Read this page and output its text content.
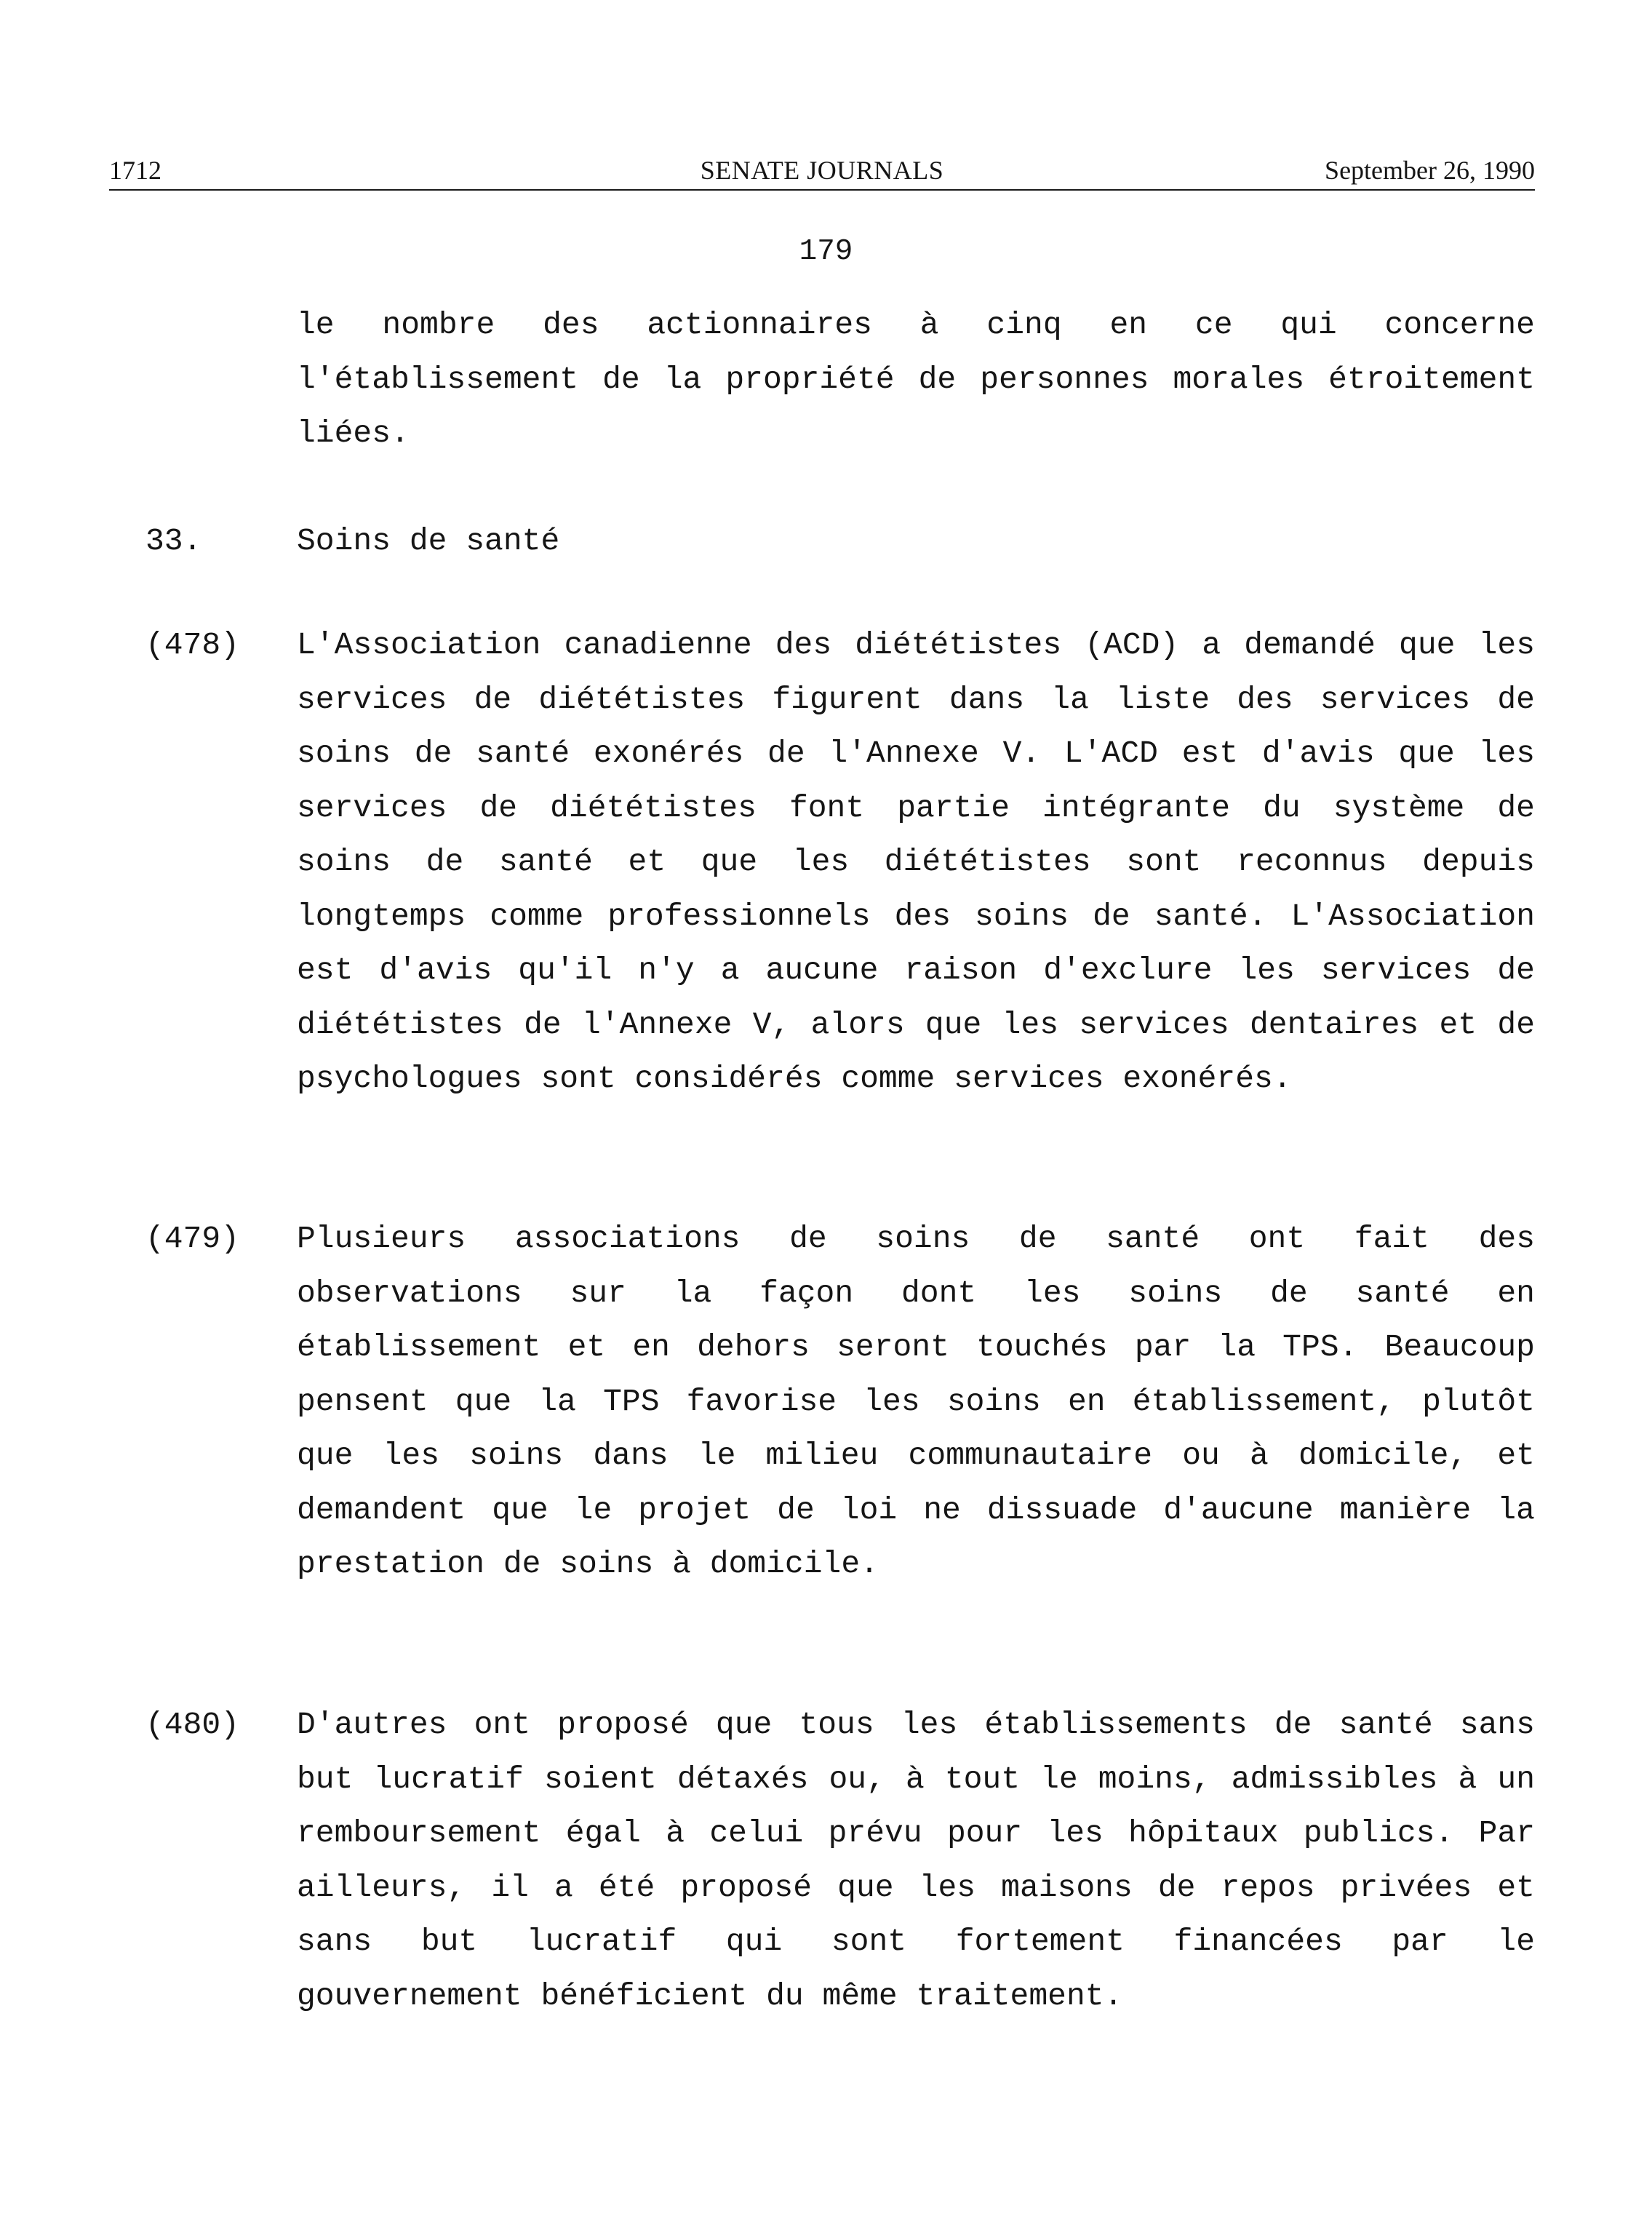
1712	SENATE JOURNALS	September 26, 1990
179
le nombre des actionnaires à cinq en ce qui concerne l'établissement de la propriété de personnes morales étroitement liées.
33.	Soins de santé
(478) L'Association canadienne des diététistes (ACD) a demandé que les services de diététistes figurent dans la liste des services de soins de santé exonérés de l'Annexe V. L'ACD est d'avis que les services de diététistes font partie intégrante du système de soins de santé et que les diététistes sont reconnus depuis longtemps comme professionnels des soins de santé. L'Association est d'avis qu'il n'y a aucune raison d'exclure les services de diététistes de l'Annexe V, alors que les services dentaires et de psychologues sont considérés comme services exonérés.
(479) Plusieurs associations de soins de santé ont fait des observations sur la façon dont les soins de santé en établissement et en dehors seront touchés par la TPS. Beaucoup pensent que la TPS favorise les soins en établissement, plutôt que les soins dans le milieu communautaire ou à domicile, et demandent que le projet de loi ne dissuade d'aucune manière la prestation de soins à domicile.
(480) D'autres ont proposé que tous les établissements de santé sans but lucratif soient détaxés ou, à tout le moins, admissibles à un remboursement égal à celui prévu pour les hôpitaux publics. Par ailleurs, il a été proposé que les maisons de repos privées et sans but lucratif qui sont fortement financées par le gouvernement bénéficient du même traitement.
